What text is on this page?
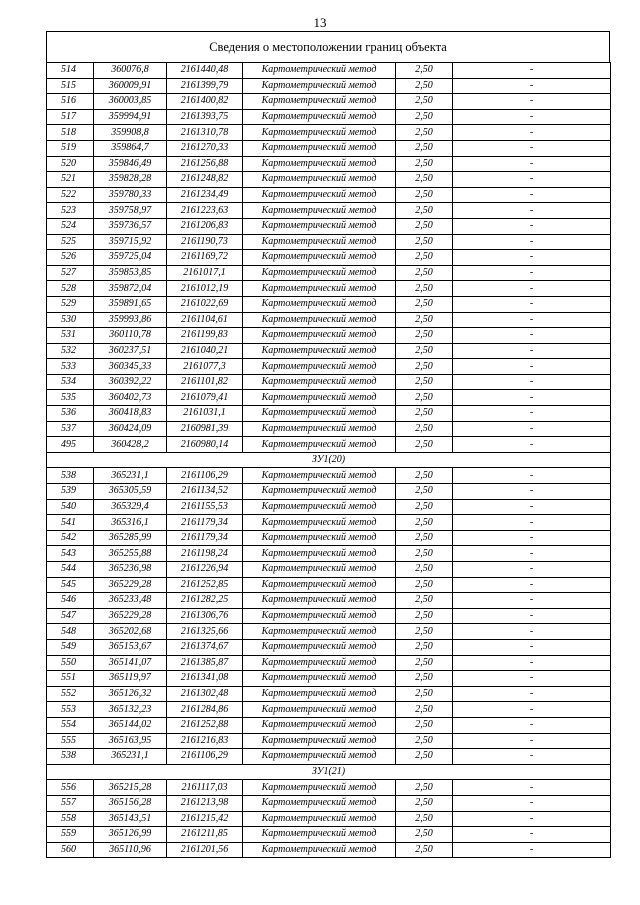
13
Сведения о местоположении границ объекта
514	360076,8	2161440,48	Картометрический метод	2,50	-
515	360009,91	2161399,79	Картометрический метод	2,50	-
516	360003,85	2161400,82	Картометрический метод	2,50	-
517	359994,91	2161393,75	Картометрический метод	2,50	-
518	359908,8	2161310,78	Картометрический метод	2,50	-
519	359864,7	2161270,33	Картометрический метод	2,50	-
520	359846,49	2161256,88	Картометрический метод	2,50	-
521	359828,28	2161248,82	Картометрический метод	2,50	-
522	359780,33	2161234,49	Картометрический метод	2,50	-
523	359758,97	2161223,63	Картометрический метод	2,50	-
524	359736,57	2161206,83	Картометрический метод	2,50	-
525	359715,92	2161190,73	Картометрический метод	2,50	-
526	359725,04	2161169,72	Картометрический метод	2,50	-
527	359853,85	2161017,1	Картометрический метод	2,50	-
528	359872,04	2161012,19	Картометрический метод	2,50	-
529	359891,65	2161022,69	Картометрический метод	2,50	-
530	359993,86	2161104,61	Картометрический метод	2,50	-
531	360110,78	2161199,83	Картометрический метод	2,50	-
532	360237,51	2161040,21	Картометрический метод	2,50	-
533	360345,33	2161077,3	Картометрический метод	2,50	-
534	360392,22	2161101,82	Картометрический метод	2,50	-
535	360402,73	2161079,41	Картометрический метод	2,50	-
536	360418,83	2161031,1	Картометрический метод	2,50	-
537	360424,09	2160981,39	Картометрический метод	2,50	-
495	360428,2	2160980,14	Картометрический метод	2,50	-
ЗУ1(20)					
538	365231,1	2161106,29	Картометрический метод	2,50	-
539	365305,59	2161134,52	Картометрический метод	2,50	-
540	365329,4	2161155,53	Картометрический метод	2,50	-
541	365316,1	2161179,34	Картометрический метод	2,50	-
542	365285,99	2161179,34	Картометрический метод	2,50	-
543	365255,88	2161198,24	Картометрический метод	2,50	-
544	365236,98	2161226,94	Картометрический метод	2,50	-
545	365229,28	2161252,85	Картометрический метод	2,50	-
546	365233,48	2161282,25	Картометрический метод	2,50	-
547	365229,28	2161306,76	Картометрический метод	2,50	-
548	365202,68	2161325,66	Картометрический метод	2,50	-
549	365153,67	2161374,67	Картометрический метод	2,50	-
550	365141,07	2161385,87	Картометрический метод	2,50	-
551	365119,97	2161341,08	Картометрический метод	2,50	-
552	365126,32	2161302,48	Картометрический метод	2,50	-
553	365132,23	2161284,86	Картометрический метод	2,50	-
554	365144,02	2161252,88	Картометрический метод	2,50	-
555	365163,95	2161216,83	Картометрический метод	2,50	-
538	365231,1	2161106,29	Картометрический метод	2,50	-
ЗУ1(21)					
556	365215,28	2161117,03	Картометрический метод	2,50	-
557	365156,28	2161213,98	Картометрический метод	2,50	-
558	365143,51	2161215,42	Картометрический метод	2,50	-
559	365126,99	2161211,85	Картометрический метод	2,50	-
560	365110,96	2161201,56	Картометрический метод	2,50	-
